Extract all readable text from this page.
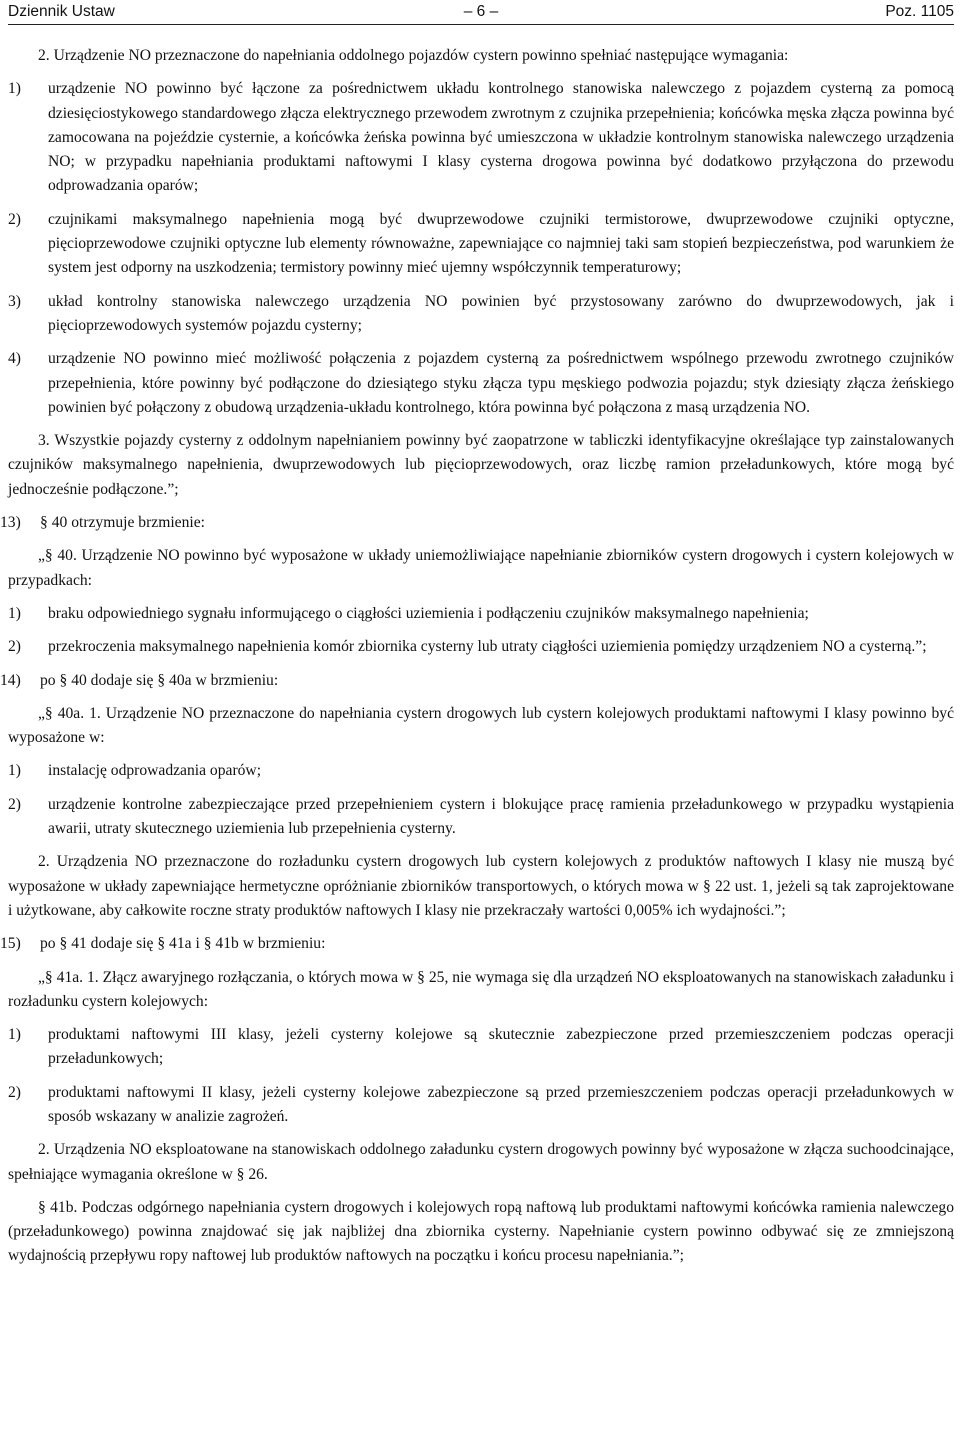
Dziennik Ustaw	– 6 –	Poz. 1105

2. Urządzenie NO przeznaczone do napełniania oddolnego pojazdów cystern powinno spełniać następujące wymagania:

1)	urządzenie NO powinno być łączone za pośrednictwem układu kontrolnego stanowiska nalewczego z pojazdem cysterną za pomocą dziesięciostykowego standardowego złącza elektrycznego przewodem zwrotnym z czujnika przepełnienia; końcówka męska złącza powinna być zamocowana na pojeździe cysternie, a końcówka żeńska powinna być umieszczona w układzie kontrolnym stanowiska nalewczego urządzenia NO; w przypadku napełniania produktami naftowymi I klasy cysterna drogowa powinna być dodatkowo przyłączona do przewodu odprowadzania oparów;
2)	czujnikami maksymalnego napełnienia mogą być dwuprzewodowe czujniki termistorowe, dwuprzewodowe czujniki optyczne, pięcioprzewodowe czujniki optyczne lub elementy równoważne, zapewniające co najmniej taki sam stopień bezpieczeństwa, pod warunkiem że system jest odporny na uszkodzenia; termistory powinny mieć ujemny współczynnik temperaturowy;
3)	układ kontrolny stanowiska nalewczego urządzenia NO powinien być przystosowany zarówno do dwuprzewodowych, jak i pięcioprzewodowych systemów pojazdu cysterny;
4)	urządzenie NO powinno mieć możliwość połączenia z pojazdem cysterną za pośrednictwem wspólnego przewodu zwrotnego czujników przepełnienia, które powinny być podłączone do dziesiątego styku złącza typu męskiego podwozia pojazdu; styk dziesiąty złącza żeńskiego powinien być połączony z obudową urządzenia-układu kontrolnego, która powinna być połączona z masą urządzenia NO.

3. Wszystkie pojazdy cysterny z oddolnym napełnianiem powinny być zaopatrzone w tabliczki identyfikacyjne określające typ zainstalowanych czujników maksymalnego napełnienia, dwuprzewodowych lub pięcioprzewodowych, oraz liczbę ramion przeładunkowych, które mogą być jednocześnie podłączone.”;

13)	§ 40 otrzymuje brzmienie:

„§ 40. Urządzenie NO powinno być wyposażone w układy uniemożliwiające napełnianie zbiorników cystern drogowych i cystern kolejowych w przypadkach:

1)	braku odpowiedniego sygnału informującego o ciągłości uziemienia i podłączeniu czujników maksymalnego napełnienia;
2)	przekroczenia maksymalnego napełnienia komór zbiornika cysterny lub utraty ciągłości uziemienia pomiędzy urządzeniem NO a cysterną.”;
14)	po § 40 dodaje się § 40a w brzmieniu:

„§ 40a. 1. Urządzenie NO przeznaczone do napełniania cystern drogowych lub cystern kolejowych produktami naftowymi I klasy powinno być wyposażone w:

1)	instalację odprowadzania oparów;
2)	urządzenie kontrolne zabezpieczające przed przepełnieniem cystern i blokujące pracę ramienia przeładunkowego w przypadku wystąpienia awarii, utraty skutecznego uziemienia lub przepełnienia cysterny.

2. Urządzenia NO przeznaczone do rozładunku cystern drogowych lub cystern kolejowych z produktów naftowych I klasy nie muszą być wyposażone w układy zapewniające hermetyczne opróżnianie zbiorników transportowych, o których mowa w § 22 ust. 1, jeżeli są tak zaprojektowane i użytkowane, aby całkowite roczne straty produktów naftowych I klasy nie przekraczały wartości 0,005% ich wydajności.”;

15)	po § 41 dodaje się § 41a i § 41b w brzmieniu:

„§ 41a. 1. Złącz awaryjnego rozłączania, o których mowa w § 25, nie wymaga się dla urządzeń NO eksploatowanych na stanowiskach załadunku i rozładunku cystern kolejowych:

1)	produktami naftowymi III klasy, jeżeli cysterny kolejowe są skutecznie zabezpieczone przed przemieszczeniem podczas operacji przeładunkowych;
2)	produktami naftowymi II klasy, jeżeli cysterny kolejowe zabezpieczone są przed przemieszczeniem podczas operacji przeładunkowych w sposób wskazany w analizie zagrożeń.

2. Urządzenia NO eksploatowane na stanowiskach oddolnego załadunku cystern drogowych powinny być wyposażone w złącza suchoodcinające, spełniające wymagania określone w § 26.

§ 41b. Podczas odgórnego napełniania cystern drogowych i kolejowych ropą naftową lub produktami naftowymi końcówka ramienia nalewczego (przeładunkowego) powinna znajdować się jak najbliżej dna zbiornika cysterny. Napełnianie cystern powinno odbywać się ze zmniejszoną wydajnością przepływu ropy naftowej lub produktów naftowych na początku i końcu procesu napełniania.”;
